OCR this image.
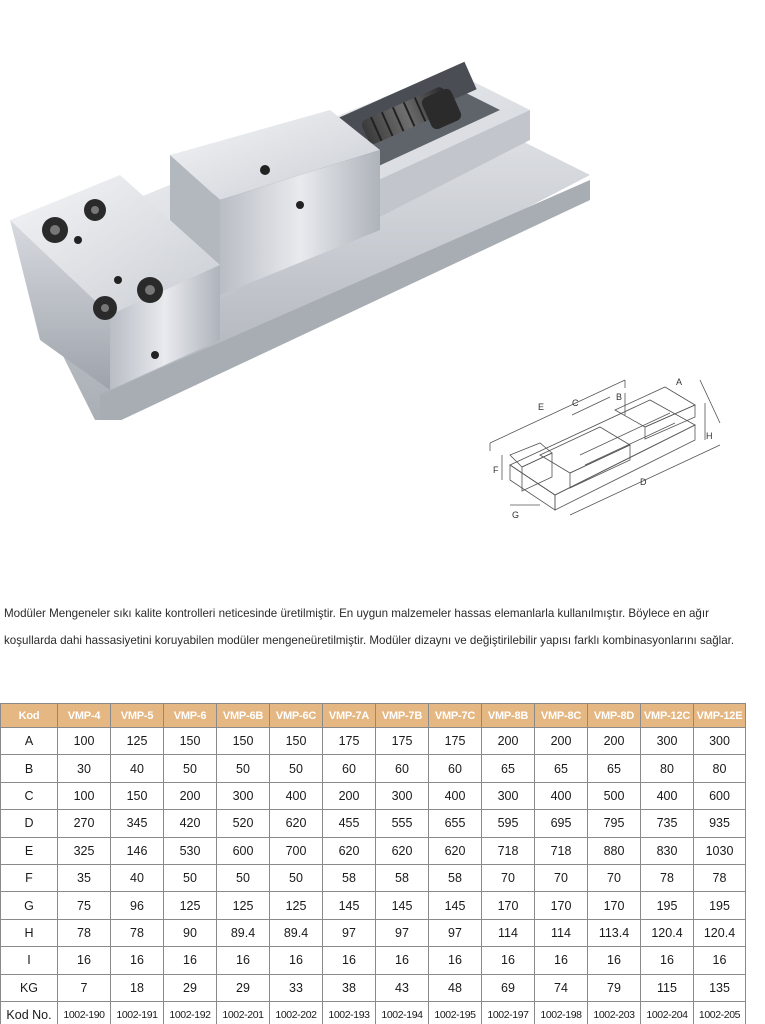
A
B
C
D
E
F
G
H

Modüler Mengeneler sıkı kalite kontrolleri neticesinde üretilmiştir. En uygun malzemeler hassas elemanlarla kullanılmıştır. Böylece en ağır

koşullarda dahi hassasiyetini koruyabilen modüler mengeneüretilmiştir. Modüler dizaynı ve değiştirilebilir yapısı farklı kombinasyonlarını sağlar.

Kod	VMP-4	VMP-5	VMP-6	VMP-6B	VMP-6C	VMP-7A	VMP-7B	VMP-7C	VMP-8B	VMP-8C	VMP-8D	VMP-12C	VMP-12E
A	100	125	150	150	150	175	175	175	200	200	200	300	300
B	30	40	50	50	50	60	60	60	65	65	65	80	80
C	100	150	200	300	400	200	300	400	300	400	500	400	600
D	270	345	420	520	620	455	555	655	595	695	795	735	935
E	325	146	530	600	700	620	620	620	718	718	880	830	1030
F	35	40	50	50	50	58	58	58	70	70	70	78	78
G	75	96	125	125	125	145	145	145	170	170	170	195	195
H	78	78	90	89.4	89.4	97	97	97	114	114	113.4	120.4	120.4
I	16	16	16	16	16	16	16	16	16	16	16	16	16
KG	7	18	29	29	33	38	43	48	69	74	79	115	135
Kod No.	1002-190	1002-191	1002-192	1002-201	1002-202	1002-193	1002-194	1002-195	1002-197	1002-198	1002-203	1002-204	1002-205
